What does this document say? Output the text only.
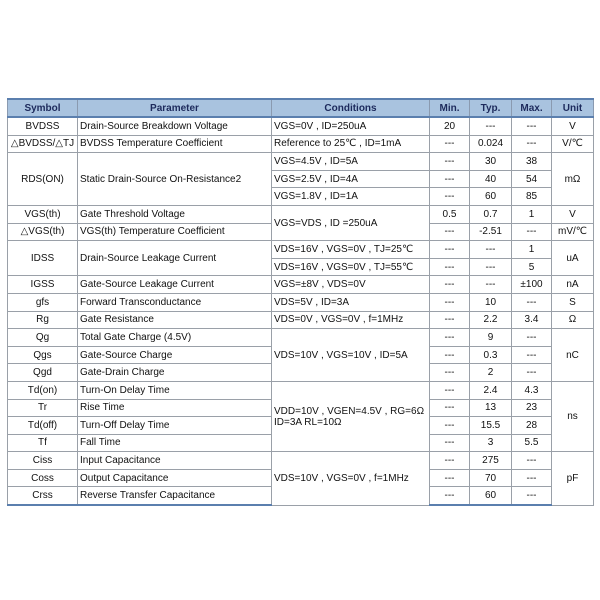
Symbol	Parameter	Conditions	Min.	Typ.	Max.	Unit
BVDSS	Drain-Source Breakdown Voltage	VGS=0V , ID=250uA	20	---	---	V
△BVDSS/△TJ	BVDSS Temperature Coefficient	Reference to 25℃ , ID=1mA	---	0.024	---	V/℃
RDS(ON)	Static Drain-Source On-Resistance2	VGS=4.5V , ID=5A	---	30	38	mΩ
		VGS=2.5V , ID=4A	---	40	54	
		VGS=1.8V , ID=1A	---	60	85	
VGS(th)	Gate Threshold Voltage	VGS=VDS , ID =250uA	0.5	0.7	1	V
△VGS(th)	VGS(th) Temperature Coefficient		---	-2.51	---	mV/℃
IDSS	Drain-Source Leakage Current	VDS=16V , VGS=0V , TJ=25℃	---	---	1	uA
		VDS=16V , VGS=0V , TJ=55℃	---	---	5	
IGSS	Gate-Source Leakage Current	VGS=±8V , VDS=0V	---	---	±100	nA
gfs	Forward Transconductance	VDS=5V , ID=3A	---	10	---	S
Rg	Gate Resistance	VDS=0V , VGS=0V , f=1MHz	---	2.2	3.4	Ω
Qg	Total Gate Charge (4.5V)	VDS=10V , VGS=10V , ID=5A	---	9	---	nC
Qgs	Gate-Source Charge		---	0.3	---	
Qgd	Gate-Drain Charge		---	2	---	
Td(on)	Turn-On Delay Time	VDD=10V , VGEN=4.5V , RG=6Ω
ID=3A RL=10Ω	---	2.4	4.3	ns
Tr	Rise Time		---	13	23	
Td(off)	Turn-Off Delay Time		---	15.5	28	
Tf	Fall Time		---	3	5.5	
Ciss	Input Capacitance	VDS=10V , VGS=0V , f=1MHz	---	275	---	pF
Coss	Output Capacitance		---	70	---	
Crss	Reverse Transfer Capacitance		---	60	---	
